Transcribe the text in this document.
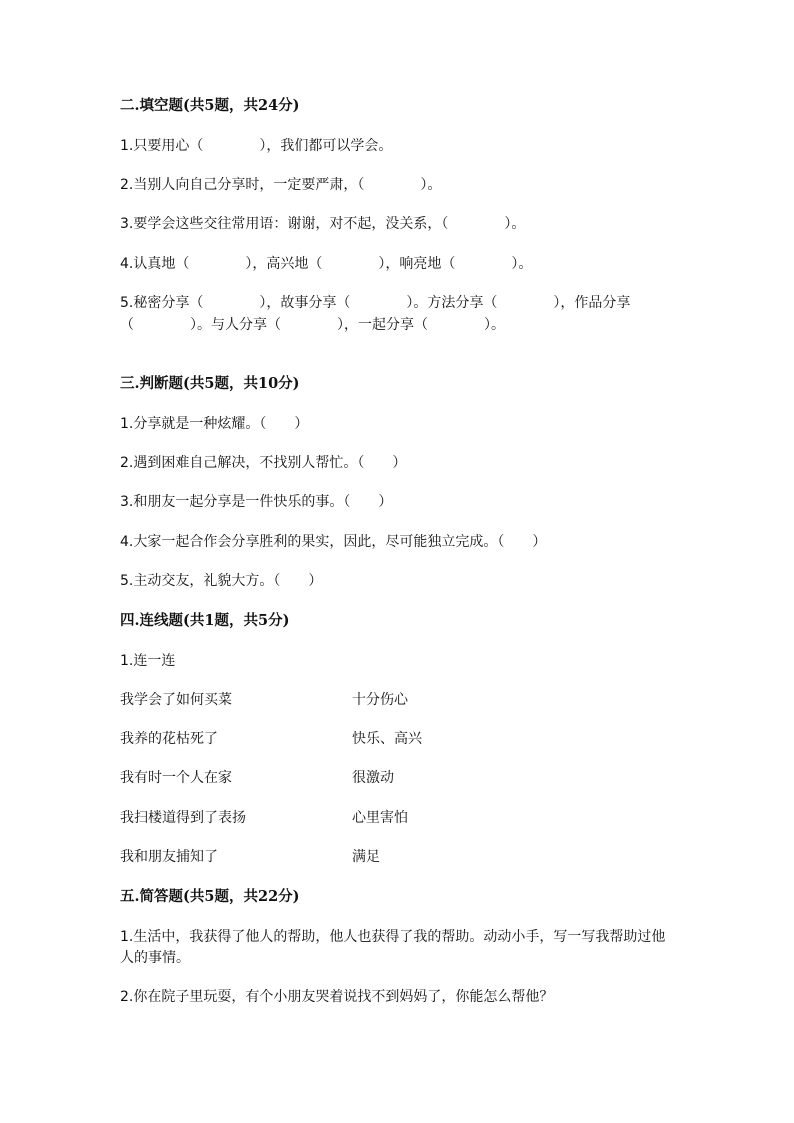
二.填空题(共5题，共24分)
1.只要用心（　　　　），我们都可以学会。
2.当别人向自己分享时，一定要严肃，（　　　　）。
3.要学会这些交往常用语：谢谢，对不起，没关系，（　　　　）。
4.认真地（　　　　），高兴地（　　　　），响亮地（　　　　）。
5.秘密分享（　　　　），故事分享（　　　　）。方法分享（　　　　），作品分享（　　　　）。与人分享（　　　　），一起分享（　　　　）。
三.判断题(共5题，共10分)
1.分享就是一种炫耀。（　　）
2.遇到困难自己解决，不找别人帮忙。（　　）
3.和朋友一起分享是一件快乐的事。（　　）
4.大家一起合作会分享胜利的果实，因此，尽可能独立完成。（　　）
5.主动交友，礼貌大方。（　　）
四.连线题(共1题，共5分)
1.连一连
我学会了如何买菜	十分伤心
我养的花枯死了	快乐、高兴
我有时一个人在家	很激动
我扫楼道得到了表扬	心里害怕
我和朋友捕知了	满足
五.简答题(共5题，共22分)
1.生活中，我获得了他人的帮助，他人也获得了我的帮助。动动小手，写一写我帮助过他人的事情。
2.你在院子里玩耍，有个小朋友哭着说找不到妈妈了，你能怎么帮他？
